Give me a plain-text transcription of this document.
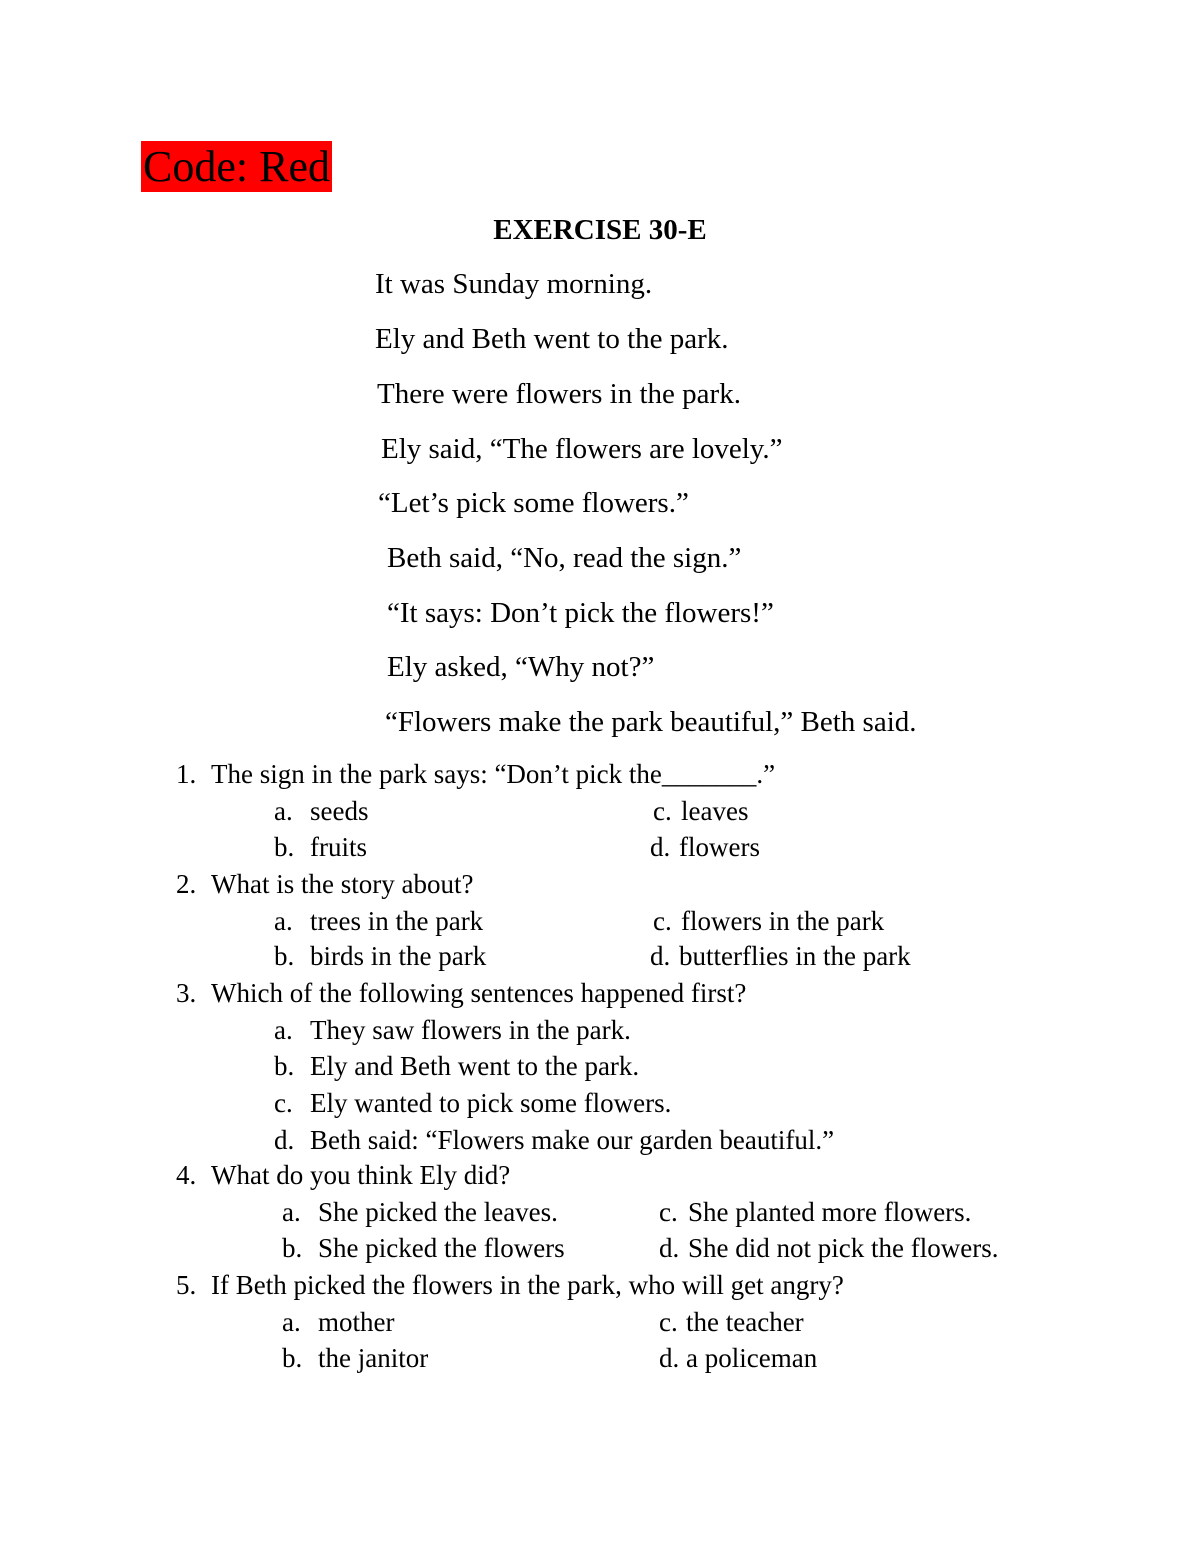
Code: Red
EXERCISE 30-E
It was Sunday morning.
Ely and Beth went to the park.
There were flowers in the park.
Ely said, “The flowers are lovely.”
“Let’s pick some flowers.”
Beth said, “No, read the sign.”
“It says: Don’t pick the flowers!”
Ely asked, “Why not?”
“Flowers make the park beautiful,” Beth said.
1. The sign in the park says: “Don’t pick the_______.”
a. seeds
b. fruits
c. leaves
d. flowers
2. What is the story about?
a. trees in the park
b. birds in the park
c. flowers in the park
d. butterflies in the park
3. Which of the following sentences happened first?
a. They saw flowers in the park.
b. Ely and Beth went to the park.
c. Ely wanted to pick some flowers.
d. Beth said: “Flowers make our garden beautiful.”
4. What do you think Ely did?
a. She picked the leaves.
b. She picked the flowers
c. She planted more flowers.
d. She did not pick the flowers.
5. If Beth picked the flowers in the park, who will get angry?
a. mother
b. the janitor
c. the teacher
d. a policeman
